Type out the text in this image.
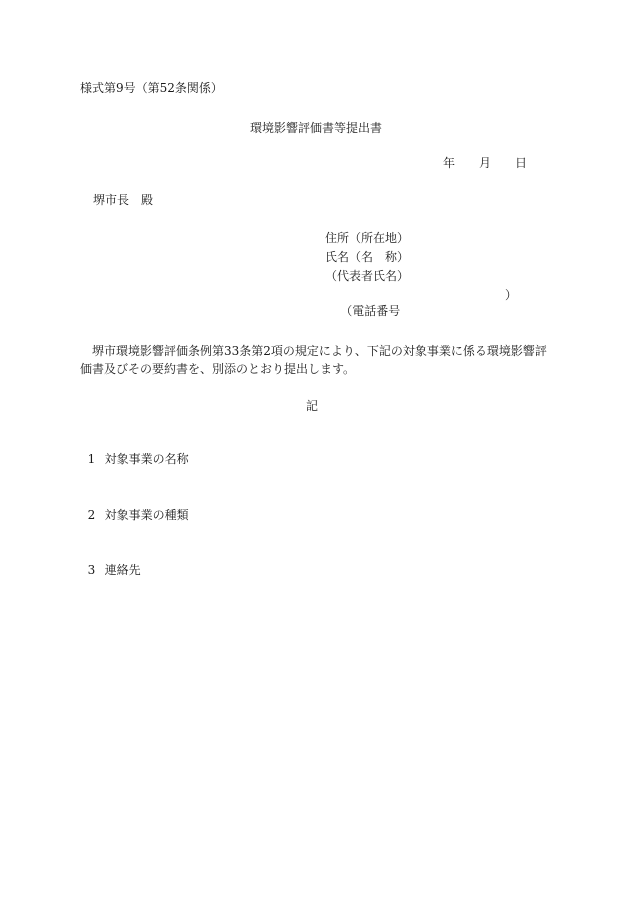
様式第9号（第52条関係）
環境影響評価書等提出書
年　　月　　日
堺市長　殿
住所（所在地）
氏名（名　称）
（代表者氏名）

（電話番号

）

堺市環境影響評価条例第33条第2項の規定により、下記の対象事業に係る環境影響評価書及びその要約書を、別添のとおり提出します。

記

1 対象事業の名称

2 対象事業の種類

3 連絡先
